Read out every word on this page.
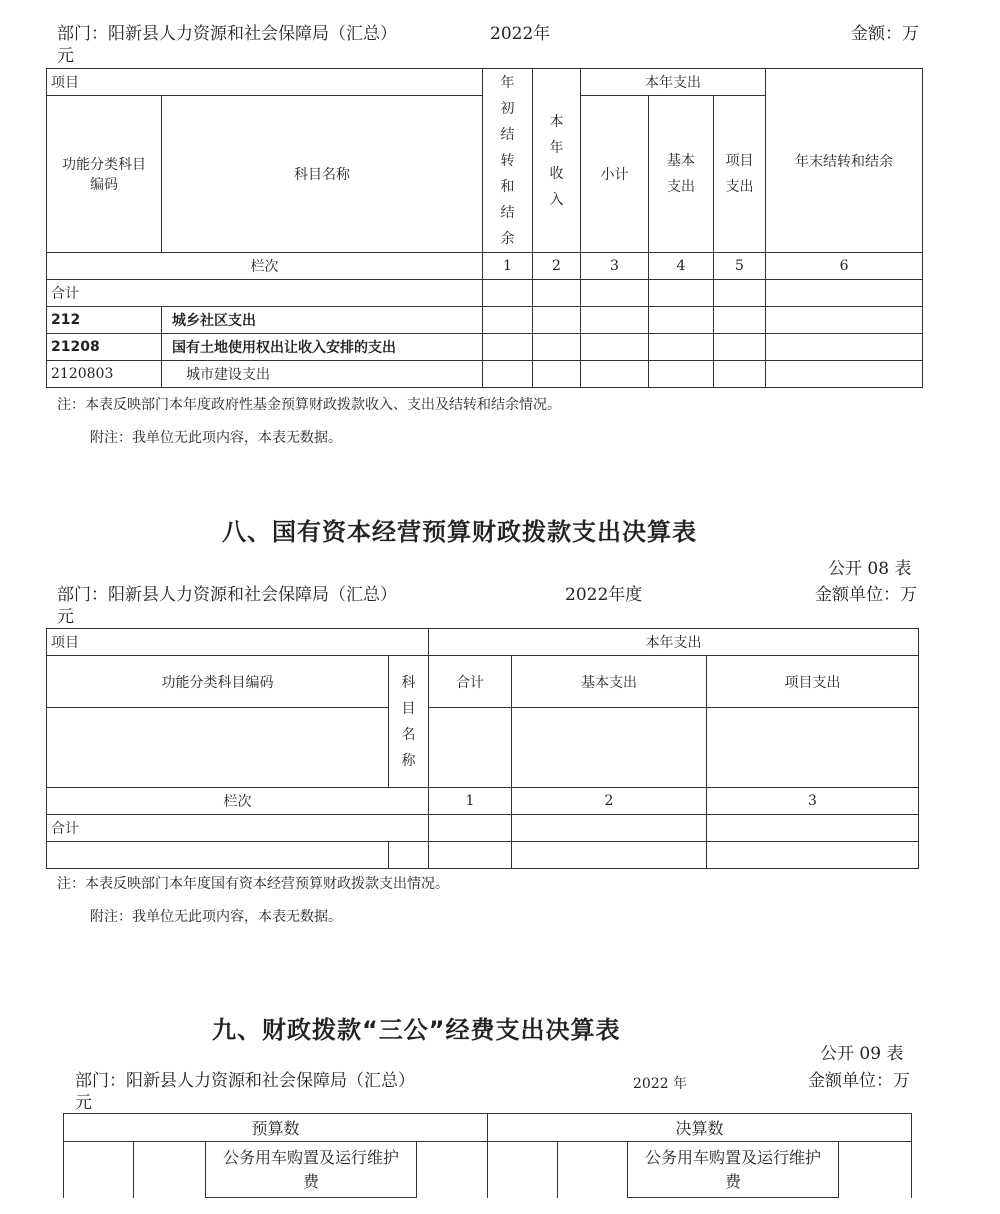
部门：阳新县人力资源和社会保障局（汇总）
元
2022年	金额：万
项目		年初结转和结余	本年收入	本年支出			年末结转和结余
功能分类科目编码	科目名称			小计	基本支出	项目支出	
栏次		1	2	3	4	5	6
合计							
212	城乡社区支出						
21208	国有土地使用权出让收入安排的支出						
2120803	城市建设支出						
注：本表反映部门本年度政府性基金预算财政拨款收入、支出及结转和结余情况。
附注：我单位无此项内容，本表无数据。
八、国有资本经营预算财政拨款支出决算表
公开 08 表
部门：阳新县人力资源和社会保障局（汇总）
元
2022年度	金额单位：万
项目		本年支出		
功能分类科目编码	科目名称	合计	基本支出	项目支出

栏次		1	2	3
合计				

注：本表反映部门本年度国有资本经营预算财政拨款支出情况。
附注：我单位无此项内容，本表无数据。
九、财政拨款“三公”经费支出决算表
公开 09 表
部门：阳新县人力资源和社会保障局（汇总）
元
2022 年	金额单位：万
预算数				决算数			
		公务用车购置及运行维护费				公务用车购置及运行维护费	
